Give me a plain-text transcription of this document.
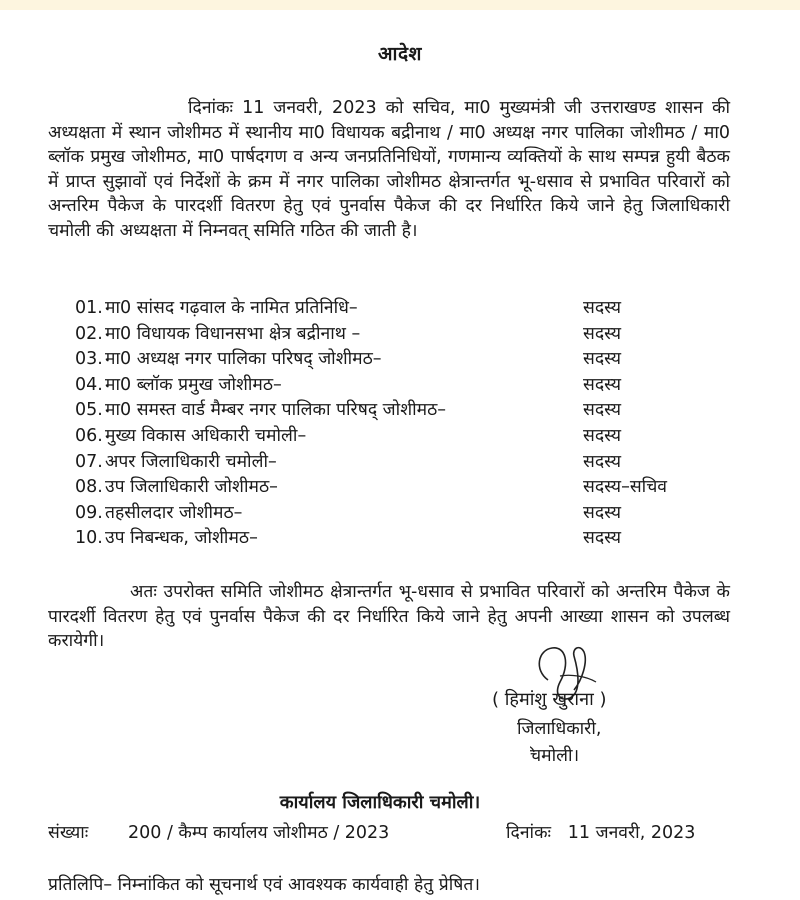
आदेश
दिनांकः 11 जनवरी, 2023 को सचिव, मा0 मुख्यमंत्री जी उत्तराखण्ड शासन की अध्यक्षता में स्थान जोशीमठ में स्थानीय मा0 विधायक बद्रीनाथ / मा0 अध्यक्ष नगर पालिका जोशीमठ / मा0 ब्लॉक प्रमुख जोशीमठ, मा0 पार्षदगण व अन्य जनप्रतिनिधियों, गणमान्य व्यक्तियों के साथ सम्पन्न हुयी बैठक में प्राप्त सुझावों एवं निर्देशों के क्रम में नगर पालिका जोशीमठ क्षेत्रान्तर्गत भू-धसाव से प्रभावित परिवारों को अन्तरिम पैकेज के पारदर्शी वितरण हेतु एवं पुनर्वास पैकेज की दर निर्धारित किये जाने हेतु जिलाधिकारी चमोली की अध्यक्षता में निम्नवत् समिति गठित की जाती है।
01. मा0 सांसद गढ़वाल के नामित प्रतिनिधि–	सदस्य
02. मा0 विधायक विधानसभा क्षेत्र बद्रीनाथ –	सदस्य
03. मा0 अध्यक्ष नगर पालिका परिषद् जोशीमठ–	सदस्य
04. मा0 ब्लॉक प्रमुख जोशीमठ–	सदस्य
05. मा0 समस्त वार्ड मैम्बर नगर पालिका परिषद् जोशीमठ–	सदस्य
06. मुख्य विकास अधिकारी चमोली–	सदस्य
07. अपर जिलाधिकारी चमोली–	सदस्य
08. उप जिलाधिकारी जोशीमठ–	सदस्य–सचिव
09. तहसीलदार जोशीमठ–	सदस्य
10. उप निबन्धक, जोशीमठ–	सदस्य
अतः उपरोक्त समिति जोशीमठ क्षेत्रान्तर्गत भू-धसाव से प्रभावित परिवारों को अन्तरिम पैकेज के पारदर्शी वितरण हेतु एवं पुनर्वास पैकेज की दर निर्धारित किये जाने हेतु अपनी आख्या शासन को उपलब्ध करायेगी।
( हिमांशु खुराना )
जिलाधिकारी,
चमोली।
कार्यालय जिलाधिकारी चमोली।
संख्याः 200 / कैम्प कार्यालय जोशीमठ / 2023	दिनांकः 11 जनवरी, 2023
प्रतिलिपि– निम्नांकित को सूचनार्थ एवं आवश्यक कार्यवाही हेतु प्रेषित।
